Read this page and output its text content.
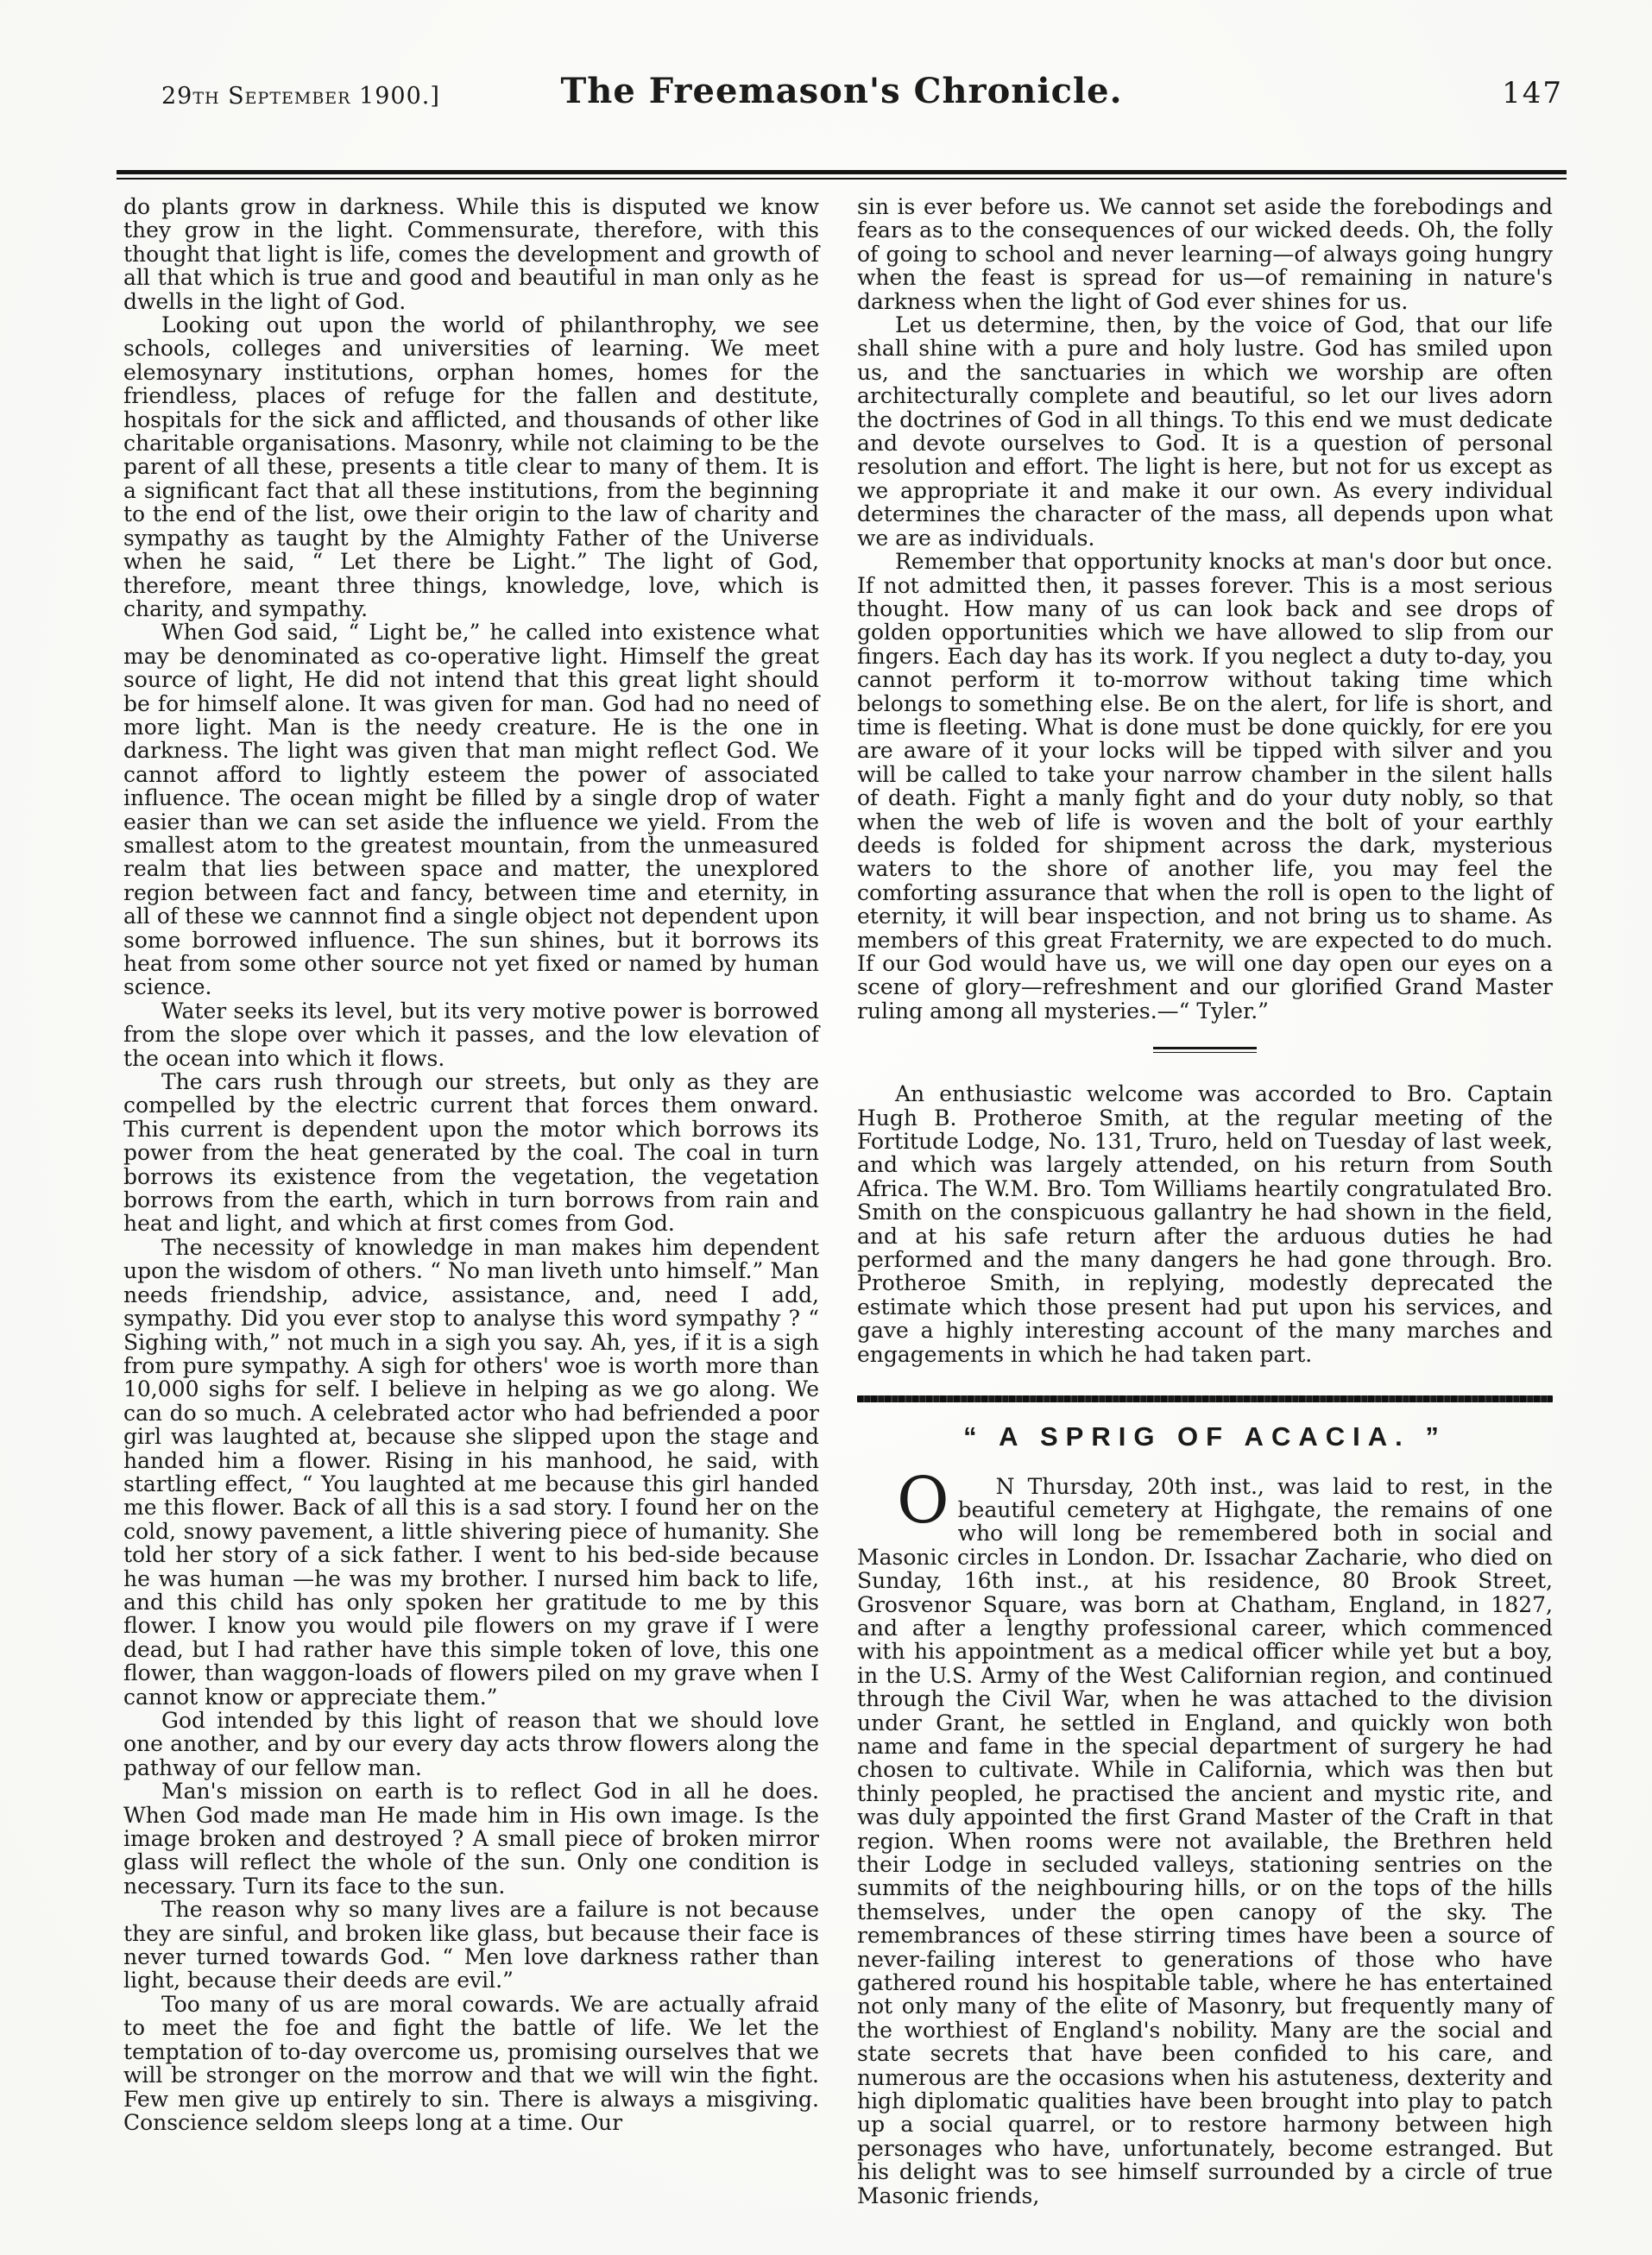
29th September 1900.]	The Freemason's Chronicle.	147

do plants grow in darkness. While this is disputed we know they grow in the light. Commensurate, therefore, with this thought that light is life, comes the development and growth of all that which is true and good and beautiful in man only as he dwells in the light of God.

Looking out upon the world of philanthrophy, we see schools, colleges and universities of learning. We meet elemosynary institutions, orphan homes, homes for the friendless, places of refuge for the fallen and destitute, hospitals for the sick and afflicted, and thousands of other like charitable organisations. Masonry, while not claiming to be the parent of all these, presents a title clear to many of them. It is a significant fact that all these institutions, from the beginning to the end of the list, owe their origin to the law of charity and sympathy as taught by the Almighty Father of the Universe when he said, “ Let there be Light.” The light of God, therefore, meant three things, knowledge, love, which is charity, and sympathy.

When God said, “ Light be,” he called into existence what may be denominated as co-operative light. Himself the great source of light, He did not intend that this great light should be for himself alone. It was given for man. God had no need of more light. Man is the needy creature. He is the one in darkness. The light was given that man might reflect God. We cannot afford to lightly esteem the power of associated influence. The ocean might be filled by a single drop of water easier than we can set aside the influence we yield. From the smallest atom to the greatest mountain, from the unmeasured realm that lies between space and matter, the unexplored region between fact and fancy, between time and eternity, in all of these we cannnot find a single object not dependent upon some borrowed influence. The sun shines, but it borrows its heat from some other source not yet fixed or named by human science.

Water seeks its level, but its very motive power is borrowed from the slope over which it passes, and the low elevation of the ocean into which it flows.

The cars rush through our streets, but only as they are compelled by the electric current that forces them onward. This current is dependent upon the motor which borrows its power from the heat generated by the coal. The coal in turn borrows its existence from the vegetation, the vegetation borrows from the earth, which in turn borrows from rain and heat and light, and which at first comes from God.

The necessity of knowledge in man makes him dependent upon the wisdom of others. “ No man liveth unto himself.” Man needs friendship, advice, assistance, and, need I add, sympathy. Did you ever stop to analyse this word sympathy ? “ Sighing with,” not much in a sigh you say. Ah, yes, if it is a sigh from pure sympathy. A sigh for others' woe is worth more than 10,000 sighs for self. I believe in helping as we go along. We can do so much. A celebrated actor who had befriended a poor girl was laughted at, because she slipped upon the stage and handed him a flower. Rising in his manhood, he said, with startling effect, “ You laughted at me because this girl handed me this flower. Back of all this is a sad story. I found her on the cold, snowy pavement, a little shivering piece of humanity. She told her story of a sick father. I went to his bed-side because he was human —he was my brother. I nursed him back to life, and this child has only spoken her gratitude to me by this flower. I know you would pile flowers on my grave if I were dead, but I had rather have this simple token of love, this one flower, than waggon-loads of flowers piled on my grave when I cannot know or appreciate them.”

God intended by this light of reason that we should love one another, and by our every day acts throw flowers along the pathway of our fellow man.

Man's mission on earth is to reflect God in all he does. When God made man He made him in His own image. Is the image broken and destroyed ? A small piece of broken mirror glass will reflect the whole of the sun. Only one condition is necessary. Turn its face to the sun.

The reason why so many lives are a failure is not because they are sinful, and broken like glass, but because their face is never turned towards God. “ Men love darkness rather than light, because their deeds are evil.”

Too many of us are moral cowards. We are actually afraid to meet the foe and fight the battle of life. We let the temptation of to-day overcome us, promising ourselves that we will be stronger on the morrow and that we will win the fight. Few men give up entirely to sin. There is always a misgiving. Conscience seldom sleeps long at a time. Our

sin is ever before us. We cannot set aside the forebodings and fears as to the consequences of our wicked deeds. Oh, the folly of going to school and never learning—of always going hungry when the feast is spread for us—of remaining in nature's darkness when the light of God ever shines for us.

Let us determine, then, by the voice of God, that our life shall shine with a pure and holy lustre. God has smiled upon us, and the sanctuaries in which we worship are often architecturally complete and beautiful, so let our lives adorn the doctrines of God in all things. To this end we must dedicate and devote ourselves to God. It is a question of personal resolution and effort. The light is here, but not for us except as we appropriate it and make it our own. As every individual determines the character of the mass, all depends upon what we are as individuals.

Remember that opportunity knocks at man's door but once. If not admitted then, it passes forever. This is a most serious thought. How many of us can look back and see drops of golden opportunities which we have allowed to slip from our fingers. Each day has its work. If you neglect a duty to-day, you cannot perform it to-morrow without taking time which belongs to something else. Be on the alert, for life is short, and time is fleeting. What is done must be done quickly, for ere you are aware of it your locks will be tipped with silver and you will be called to take your narrow chamber in the silent halls of death. Fight a manly fight and do your duty nobly, so that when the web of life is woven and the bolt of your earthly deeds is folded for shipment across the dark, mysterious waters to the shore of another life, you may feel the comforting assurance that when the roll is open to the light of eternity, it will bear inspection, and not bring us to shame. As members of this great Fraternity, we are expected to do much. If our God would have us, we will one day open our eyes on a scene of glory—refreshment and our glorified Grand Master ruling among all mysteries.—“ Tyler.”

An enthusiastic welcome was accorded to Bro. Captain Hugh B. Protheroe Smith, at the regular meeting of the Fortitude Lodge, No. 131, Truro, held on Tuesday of last week, and which was largely attended, on his return from South Africa. The W.M. Bro. Tom Williams heartily congratulated Bro. Smith on the conspicuous gallantry he had shown in the field, and at his safe return after the arduous duties he had performed and the many dangers he had gone through. Bro. Protheroe Smith, in replying, modestly deprecated the estimate which those present had put upon his services, and gave a highly interesting account of the many marches and engagements in which he had taken part.

“ A SPRIG OF ACACIA. ”

O	N Thursday, 20th inst., was laid to rest, in the beautiful cemetery at Highgate, the remains of one who will long be remembered both in social and Masonic circles in London. Dr. Issachar Zacharie, who died on Sunday, 16th inst., at his residence, 80 Brook Street, Grosvenor Square, was born at Chatham, England, in 1827, and after a lengthy professional career, which commenced with his appointment as a medical officer while yet but a boy, in the U.S. Army of the West Californian region, and continued through the Civil War, when he was attached to the division under Grant, he settled in England, and quickly won both name and fame in the special department of surgery he had chosen to cultivate. While in California, which was then but thinly peopled, he practised the ancient and mystic rite, and was duly appointed the first Grand Master of the Craft in that region. When rooms were not available, the Brethren held their Lodge in secluded valleys, stationing sentries on the summits of the neighbouring hills, or on the tops of the hills themselves, under the open canopy of the sky. The remembrances of these stirring times have been a source of never-failing interest to generations of those who have gathered round his hospitable table, where he has entertained not only many of the elite of Masonry, but frequently many of the worthiest of England's nobility. Many are the social and state secrets that have been confided to his care, and numerous are the occasions when his astuteness, dexterity and high diplomatic qualities have been brought into play to patch up a social quarrel, or to restore harmony between high personages who have, unfortunately, become estranged. But his delight was to see himself surrounded by a circle of true Masonic friends,
